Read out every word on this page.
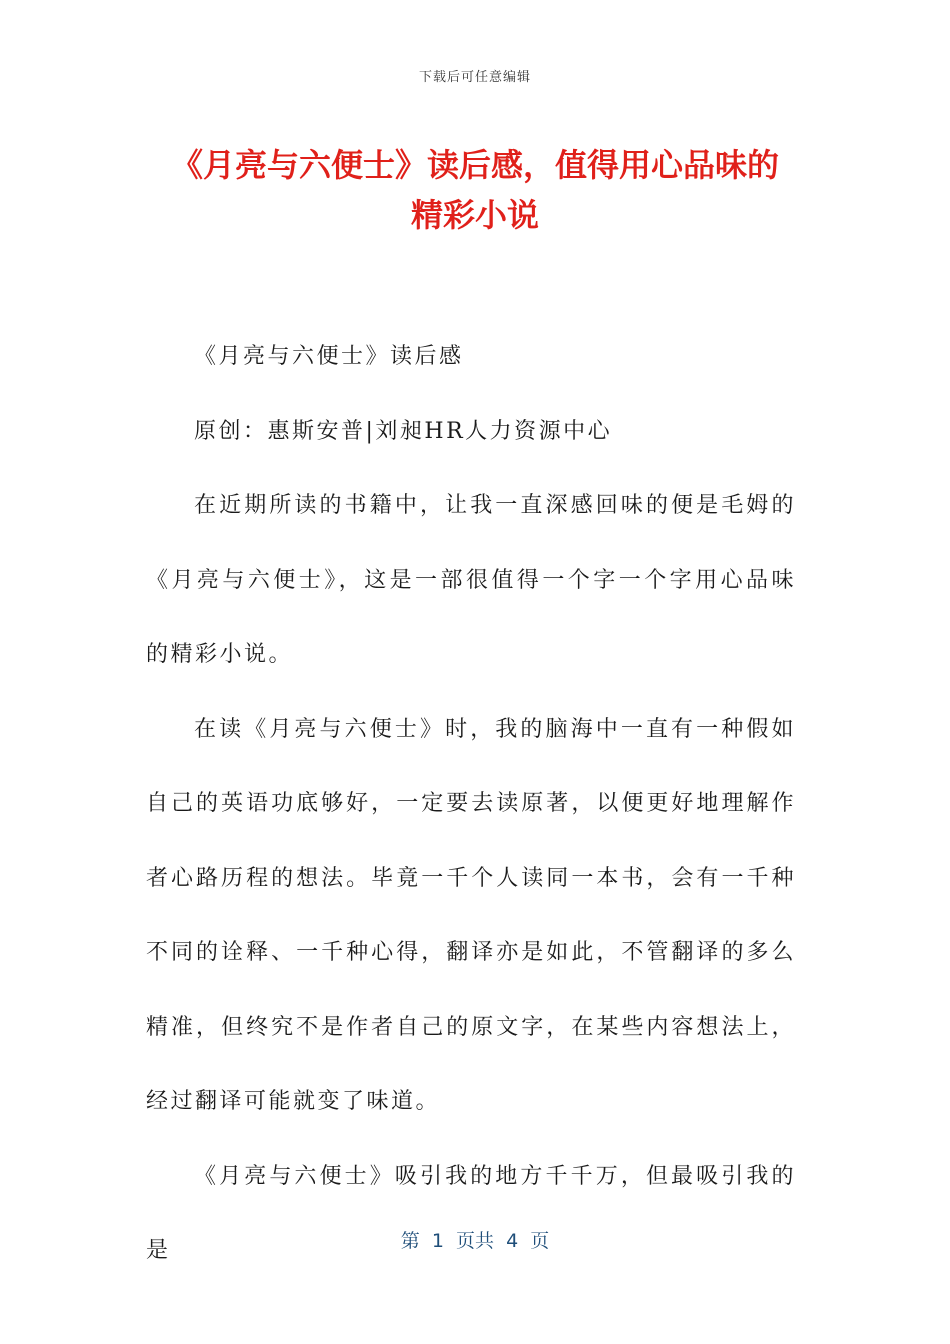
下载后可任意编辑
《月亮与六便士》读后感，值得用心品味的
精彩小说

《月亮与六便士》读后感

原创：惠斯安普|刘昶HR人力资源中心

在近期所读的书籍中，让我一直深感回味的便是毛姆的《月亮与六便士》，这是一部很值得一个字一个字用心品味的精彩小说。

在读《月亮与六便士》时，我的脑海中一直有一种假如自己的英语功底够好，一定要去读原著，以便更好地理解作者心路历程的想法。毕竟一千个人读同一本书，会有一千种不同的诠释、一千种心得，翻译亦是如此，不管翻译的多么精准，但终究不是作者自己的原文字，在某些内容想法上，经过翻译可能就变了味道。

《月亮与六便士》吸引我的地方千千万，但最吸引我的是	第  1  页共  4  页
